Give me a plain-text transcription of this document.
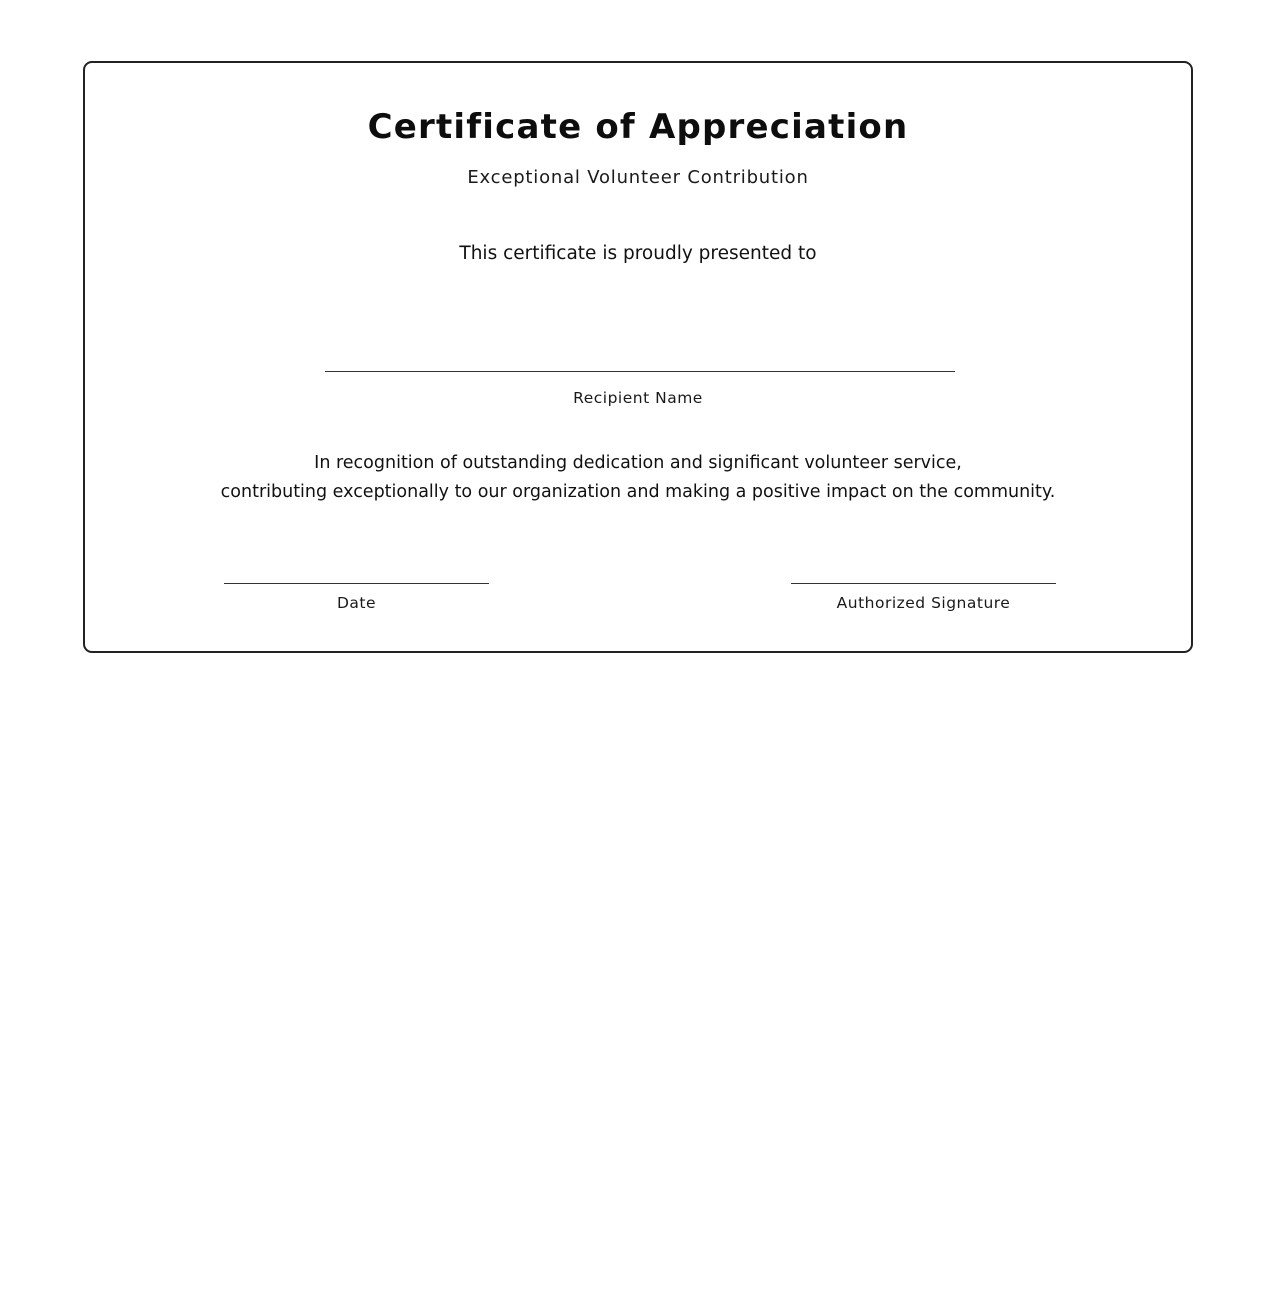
Certificate of Appreciation
Exceptional Volunteer Contribution
This certificate is proudly presented to
Recipient Name
In recognition of outstanding dedication and significant volunteer service,
contributing exceptionally to our organization and making a positive impact on the community.
Date	Authorized Signature
